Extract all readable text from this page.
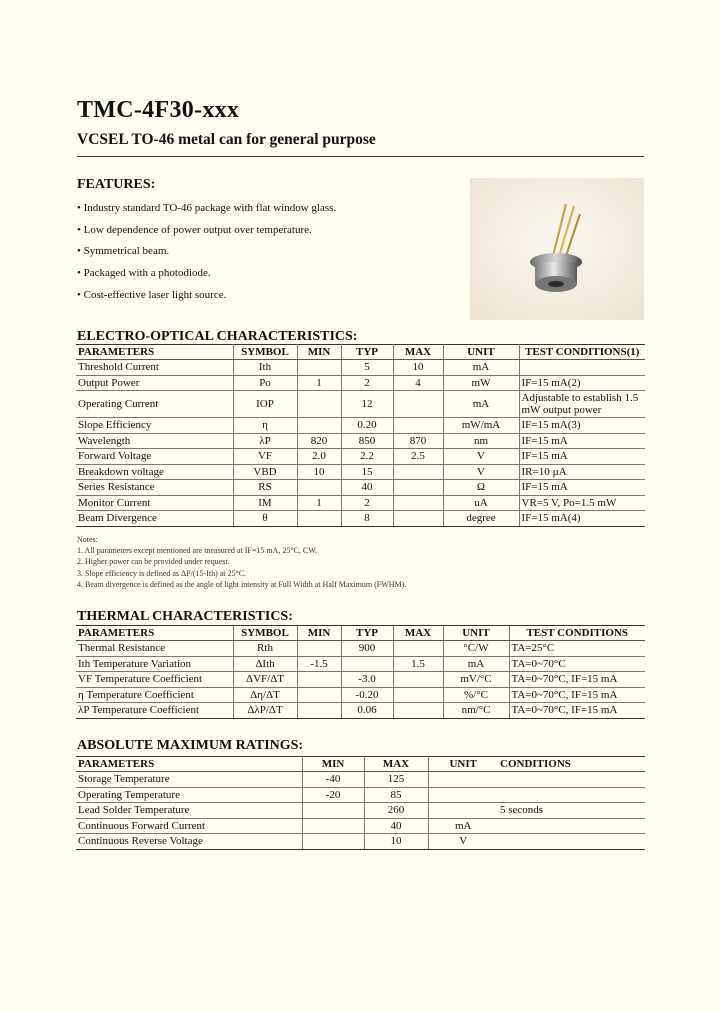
TMC-4F30-xxx
VCSEL TO-46 metal can for general purpose
FEATURES:
• Industry standard TO-46 package with flat window glass.
• Low dependence of power output over temperature.
• Symmetrical beam.
• Packaged with a photodiode.
• Cost-effective laser light source.
ELECTRO-OPTICAL CHARACTERISTICS:
PARAMETERS	SYMBOL	MIN	TYP	MAX	UNIT	TEST CONDITIONS(1)
Threshold Current	Ith		5	10	mA	
Output Power	Po	1	2	4	mW	IF=15 mA(2)
Operating Current	IOP		12		mA	Adjustable to establish 1.5 mW output power
Slope Efficiency	η		0.20		mW/mA	IF=15 mA(3)
Wavelength	λP	820	850	870	nm	IF=15 mA
Forward Voltage	VF	2.0	2.2	2.5	V	IF=15 mA
Breakdown voltage	VBD	10	15		V	IR=10 µA
Series Resistance	RS		40		Ω	IF=15 mA
Monitor Current	IM	1	2		uA	VR=5 V, Po=1.5 mW
Beam Divergence	θ		8		degree	IF=15 mA(4)
Notes:
1. All parameters except mentioned are measured at IF=15 mA, 25°C, CW.
2. Higher power can be provided under request.
3. Slope efficiency is defined as ΔP/(15-Ith) at 25°C.
4. Beam divergence is defined as the angle of light intensity at Full Width at Half Maximum (FWHM).
THERMAL CHARACTERISTICS:
PARAMETERS	SYMBOL	MIN	TYP	MAX	UNIT	TEST CONDITIONS
Thermal Resistance	Rth		900		°C/W	TA=25°C
Ith Temperature Variation	ΔIth	-1.5		1.5	mA	TA=0~70°C
VF Temperature Coefficient	ΔVF/ΔT		-3.0		mV/°C	TA=0~70°C, IF=15 mA
η Temperature Coefficient	Δη/ΔT		-0.20		%/°C	TA=0~70°C, IF=15 mA
λP Temperature Coefficient	ΔλP/ΔT		0.06		nm/°C	TA=0~70°C, IF=15 mA
ABSOLUTE MAXIMUM RATINGS:
PARAMETERS	MIN	MAX	UNIT	CONDITIONS
Storage Temperature	-40	125		
Operating Temperature	-20	85		
Lead Solder Temperature		260		5 seconds
Continuous Forward Current		40	mA	
Continuous Reverse Voltage		10	V	
